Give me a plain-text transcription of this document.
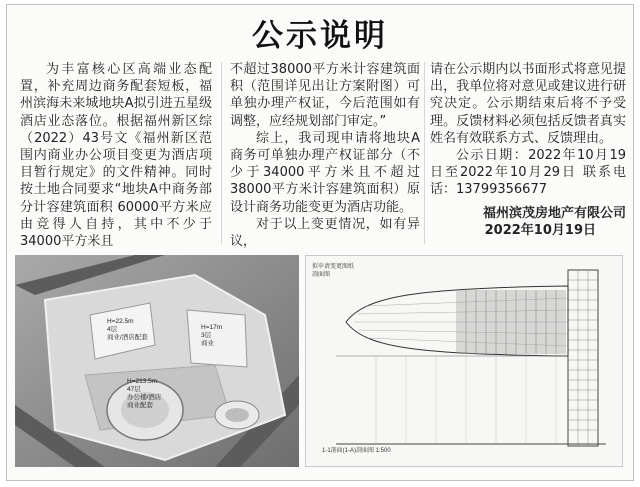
公示说明

为丰富核心区高端业态配置，补充周边商务配套短板，福州滨海未来城地块A拟引进五星级酒店业态落位。根据福州新区综（2022）43号文《福州新区范围内商业办公项目变更为酒店项目暂行规定》的文件精神。同时按土地合同要求“地块A中商务部分计容建筑面积 60000平方米应由竞得人自持，其中不少于34000平方米且

不超过38000平方米计容建筑面积（范围详见出让方案附图）可单独办理产权证，今后范围如有调整，应经规划部门审定。”

综上，我司现申请将地块A商务可单独办理产权证部分（不少于34000平方米且不超过38000平方米计容建筑面积）原设计商务功能变更为酒店功能。

对于以上变更情况，如有异议，

请在公示期内以书面形式将意见提出，我单位将对意见或建议进行研究决定。公示期结束后将不予受理。反馈材料必须包括反馈者真实姓名有效联系方式、反馈理由。

公示日期：2022年10月19日至2022年10月29日 联系电话：13799356677

福州滨茂房地产有限公司
2022年10月19日
H=22.5m
4层
商业/酒店配套
H=17m
3层
商业
H=213.5m
47层
办公楼/酒店
商业配套
拟申请变更图纸
剖面图
1-1剖面(1-A)剖面图 1:500
